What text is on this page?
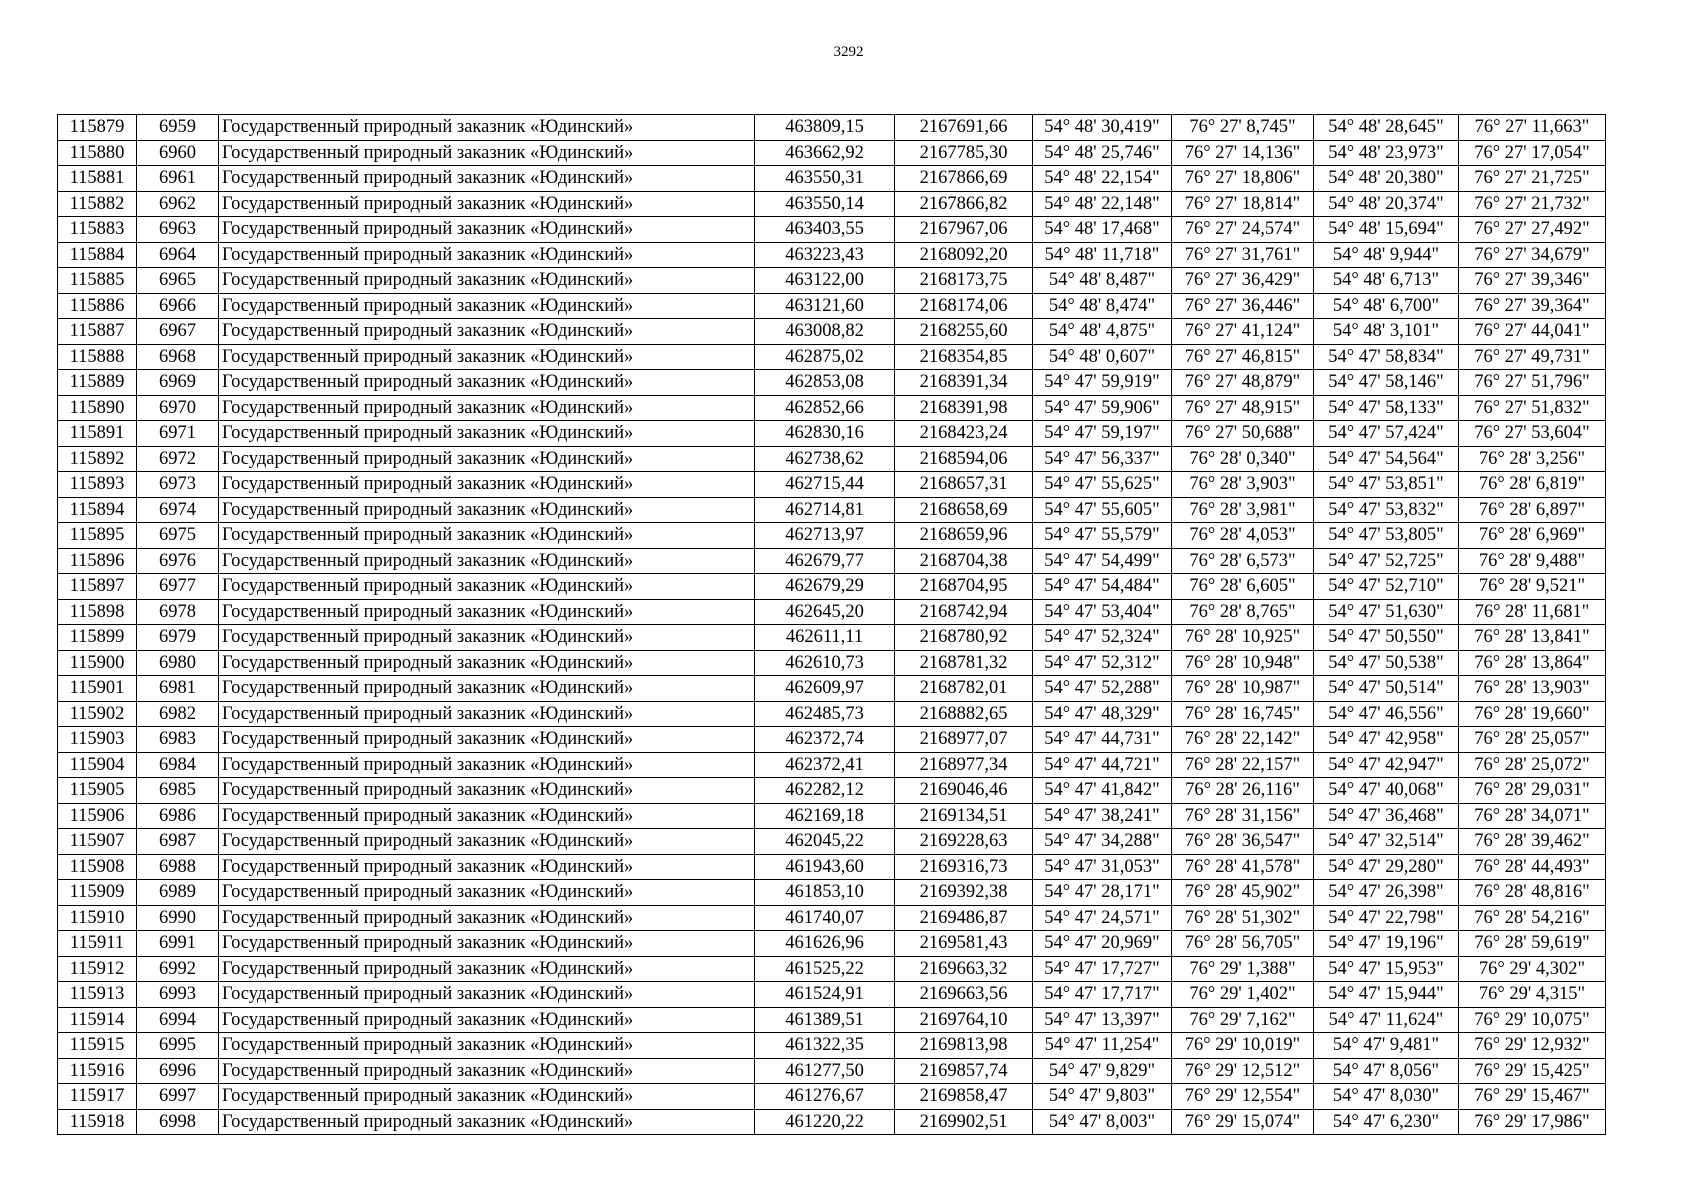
3292
115879	6959	Государственный природный заказник «Юдинский»	463809,15	2167691,66	54° 48' 30,419"	76° 27' 8,745"	54° 48' 28,645"	76° 27' 11,663"
115880	6960	Государственный природный заказник «Юдинский»	463662,92	2167785,30	54° 48' 25,746"	76° 27' 14,136"	54° 48' 23,973"	76° 27' 17,054"
115881	6961	Государственный природный заказник «Юдинский»	463550,31	2167866,69	54° 48' 22,154"	76° 27' 18,806"	54° 48' 20,380"	76° 27' 21,725"
115882	6962	Государственный природный заказник «Юдинский»	463550,14	2167866,82	54° 48' 22,148"	76° 27' 18,814"	54° 48' 20,374"	76° 27' 21,732"
115883	6963	Государственный природный заказник «Юдинский»	463403,55	2167967,06	54° 48' 17,468"	76° 27' 24,574"	54° 48' 15,694"	76° 27' 27,492"
115884	6964	Государственный природный заказник «Юдинский»	463223,43	2168092,20	54° 48' 11,718"	76° 27' 31,761"	54° 48' 9,944"	76° 27' 34,679"
115885	6965	Государственный природный заказник «Юдинский»	463122,00	2168173,75	54° 48' 8,487"	76° 27' 36,429"	54° 48' 6,713"	76° 27' 39,346"
115886	6966	Государственный природный заказник «Юдинский»	463121,60	2168174,06	54° 48' 8,474"	76° 27' 36,446"	54° 48' 6,700"	76° 27' 39,364"
115887	6967	Государственный природный заказник «Юдинский»	463008,82	2168255,60	54° 48' 4,875"	76° 27' 41,124"	54° 48' 3,101"	76° 27' 44,041"
115888	6968	Государственный природный заказник «Юдинский»	462875,02	2168354,85	54° 48' 0,607"	76° 27' 46,815"	54° 47' 58,834"	76° 27' 49,731"
115889	6969	Государственный природный заказник «Юдинский»	462853,08	2168391,34	54° 47' 59,919"	76° 27' 48,879"	54° 47' 58,146"	76° 27' 51,796"
115890	6970	Государственный природный заказник «Юдинский»	462852,66	2168391,98	54° 47' 59,906"	76° 27' 48,915"	54° 47' 58,133"	76° 27' 51,832"
115891	6971	Государственный природный заказник «Юдинский»	462830,16	2168423,24	54° 47' 59,197"	76° 27' 50,688"	54° 47' 57,424"	76° 27' 53,604"
115892	6972	Государственный природный заказник «Юдинский»	462738,62	2168594,06	54° 47' 56,337"	76° 28' 0,340"	54° 47' 54,564"	76° 28' 3,256"
115893	6973	Государственный природный заказник «Юдинский»	462715,44	2168657,31	54° 47' 55,625"	76° 28' 3,903"	54° 47' 53,851"	76° 28' 6,819"
115894	6974	Государственный природный заказник «Юдинский»	462714,81	2168658,69	54° 47' 55,605"	76° 28' 3,981"	54° 47' 53,832"	76° 28' 6,897"
115895	6975	Государственный природный заказник «Юдинский»	462713,97	2168659,96	54° 47' 55,579"	76° 28' 4,053"	54° 47' 53,805"	76° 28' 6,969"
115896	6976	Государственный природный заказник «Юдинский»	462679,77	2168704,38	54° 47' 54,499"	76° 28' 6,573"	54° 47' 52,725"	76° 28' 9,488"
115897	6977	Государственный природный заказник «Юдинский»	462679,29	2168704,95	54° 47' 54,484"	76° 28' 6,605"	54° 47' 52,710"	76° 28' 9,521"
115898	6978	Государственный природный заказник «Юдинский»	462645,20	2168742,94	54° 47' 53,404"	76° 28' 8,765"	54° 47' 51,630"	76° 28' 11,681"
115899	6979	Государственный природный заказник «Юдинский»	462611,11	2168780,92	54° 47' 52,324"	76° 28' 10,925"	54° 47' 50,550"	76° 28' 13,841"
115900	6980	Государственный природный заказник «Юдинский»	462610,73	2168781,32	54° 47' 52,312"	76° 28' 10,948"	54° 47' 50,538"	76° 28' 13,864"
115901	6981	Государственный природный заказник «Юдинский»	462609,97	2168782,01	54° 47' 52,288"	76° 28' 10,987"	54° 47' 50,514"	76° 28' 13,903"
115902	6982	Государственный природный заказник «Юдинский»	462485,73	2168882,65	54° 47' 48,329"	76° 28' 16,745"	54° 47' 46,556"	76° 28' 19,660"
115903	6983	Государственный природный заказник «Юдинский»	462372,74	2168977,07	54° 47' 44,731"	76° 28' 22,142"	54° 47' 42,958"	76° 28' 25,057"
115904	6984	Государственный природный заказник «Юдинский»	462372,41	2168977,34	54° 47' 44,721"	76° 28' 22,157"	54° 47' 42,947"	76° 28' 25,072"
115905	6985	Государственный природный заказник «Юдинский»	462282,12	2169046,46	54° 47' 41,842"	76° 28' 26,116"	54° 47' 40,068"	76° 28' 29,031"
115906	6986	Государственный природный заказник «Юдинский»	462169,18	2169134,51	54° 47' 38,241"	76° 28' 31,156"	54° 47' 36,468"	76° 28' 34,071"
115907	6987	Государственный природный заказник «Юдинский»	462045,22	2169228,63	54° 47' 34,288"	76° 28' 36,547"	54° 47' 32,514"	76° 28' 39,462"
115908	6988	Государственный природный заказник «Юдинский»	461943,60	2169316,73	54° 47' 31,053"	76° 28' 41,578"	54° 47' 29,280"	76° 28' 44,493"
115909	6989	Государственный природный заказник «Юдинский»	461853,10	2169392,38	54° 47' 28,171"	76° 28' 45,902"	54° 47' 26,398"	76° 28' 48,816"
115910	6990	Государственный природный заказник «Юдинский»	461740,07	2169486,87	54° 47' 24,571"	76° 28' 51,302"	54° 47' 22,798"	76° 28' 54,216"
115911	6991	Государственный природный заказник «Юдинский»	461626,96	2169581,43	54° 47' 20,969"	76° 28' 56,705"	54° 47' 19,196"	76° 28' 59,619"
115912	6992	Государственный природный заказник «Юдинский»	461525,22	2169663,32	54° 47' 17,727"	76° 29' 1,388"	54° 47' 15,953"	76° 29' 4,302"
115913	6993	Государственный природный заказник «Юдинский»	461524,91	2169663,56	54° 47' 17,717"	76° 29' 1,402"	54° 47' 15,944"	76° 29' 4,315"
115914	6994	Государственный природный заказник «Юдинский»	461389,51	2169764,10	54° 47' 13,397"	76° 29' 7,162"	54° 47' 11,624"	76° 29' 10,075"
115915	6995	Государственный природный заказник «Юдинский»	461322,35	2169813,98	54° 47' 11,254"	76° 29' 10,019"	54° 47' 9,481"	76° 29' 12,932"
115916	6996	Государственный природный заказник «Юдинский»	461277,50	2169857,74	54° 47' 9,829"	76° 29' 12,512"	54° 47' 8,056"	76° 29' 15,425"
115917	6997	Государственный природный заказник «Юдинский»	461276,67	2169858,47	54° 47' 9,803"	76° 29' 12,554"	54° 47' 8,030"	76° 29' 15,467"
115918	6998	Государственный природный заказник «Юдинский»	461220,22	2169902,51	54° 47' 8,003"	76° 29' 15,074"	54° 47' 6,230"	76° 29' 17,986"
